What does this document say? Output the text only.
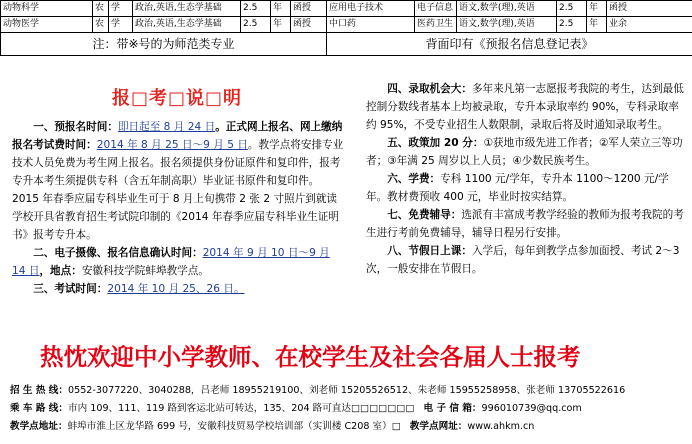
动物科学	农	学	政治,英语,生态学基础	2.5	年	函授	应用电子技术	电子信息	语文,数学(理),英语	2.5	年	函授
动物医学	农	学	政治,英语,生态学基础	2.5	年	函授	中口药	医药卫生	语文,数学(理),英语	2.5	年	业余
注：带※号的为师范类专业							背面印有《预报名信息登记表》					
报□考□说□明

一、预报名时间：即日起至 8 月 24 日。正式网上报名、网上缴纳报名考试费时间：2014 年 8 月 25 日～9 月 5 日。教学点将安排专业技术人员免费为考生网上报名。报名须提供身份证原件和复印件，报考专升本考生须提供专科（含五年制高职）毕业证书原件和复印件。2015 年春季应届专科毕业生可于 8 月上旬携带 2 张 2 寸照片到就读学校开具省教育招生考试院印制的《2014 年春季应届专科毕业生证明书》报考专升本。

二、电子摄像、报名信息确认时间：2014 年 9 月 10 日～9 月 14 日，地点：安徽科技学院蚌埠教学点。

三、考试时间：2014 年 10 月 25、26 日。

四、录取机会大：多年来凡第一志愿报考我院的考生，达到最低控制分数线者基本上均被录取，专升本录取率约 90%，专科录取率约 95%，不受专业招生人数限制，录取后将及时通知录取考生。

五、政策加 20 分：①获地市级先进工作者；②军人荣立三等功者；③年满 25 周岁以上人员；④少数民族考生。

六、学费：专科 1100 元/学年，专升本 1100～1200 元/学年。教材费预收 400 元，毕业时按实结算。

七、免费辅导：选派有丰富成考教学经验的教师为报考我院的考生进行考前免费辅导，辅导日程另行安排。

八、节假日上课：入学后，每年到教学点参加面授、考试 2～3 次，一般安排在节假日。

热忱欢迎中小学教师、在校学生及社会各届人士报考
招 生 热 线：0552-3077220、3040288，吕老师 18955219100、刘老师 15205526512、朱老师 15955258958、张老师 13705522616
乘 车 路 线：市内 109、111、119 路到客运北站可转达，135、204 路可直达□□□□□□□ 电 子 信 箱：996010739@qq.com
教学点地址：蚌埠市淮上区龙华路 699 号，安徽科技贸易学校培训部（实训楼 C208 室）□ 教学点网址：www.ahkm.cn
